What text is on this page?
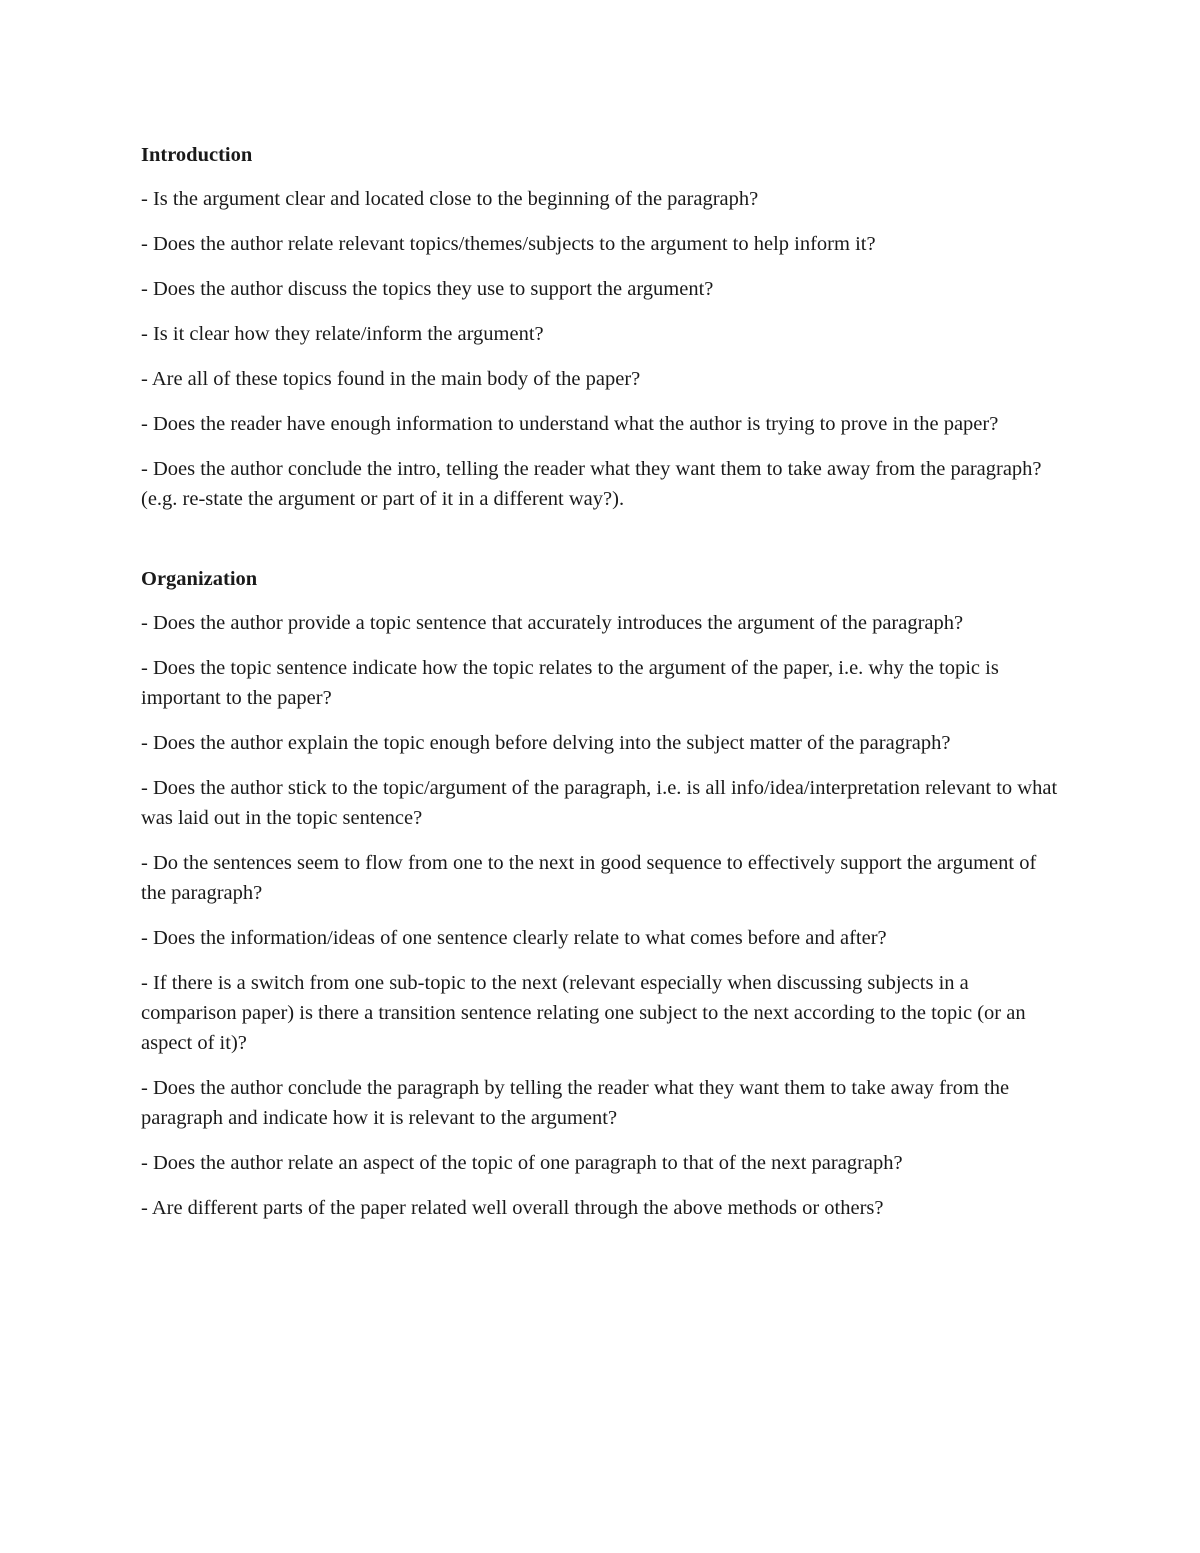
Introduction
- Is the argument clear and located close to the beginning of the paragraph?
- Does the author relate relevant topics/themes/subjects to the argument to help inform it?
- Does the author discuss the topics they use to support the argument?
- Is it clear how they relate/inform the argument?
- Are all of these topics found in the main body of the paper?
- Does the reader have enough information to understand what the author is trying to prove in the paper?
- Does the author conclude the intro, telling the reader what they want them to take away from the paragraph? (e.g. re-state the argument or part of it in a different way?).
Organization
- Does the author provide a topic sentence that accurately introduces the argument of the paragraph?
- Does the topic sentence indicate how the topic relates to the argument of the paper, i.e. why the topic is important to the paper?
- Does the author explain the topic enough before delving into the subject matter of the paragraph?
- Does the author stick to the topic/argument of the paragraph, i.e. is all info/idea/interpretation relevant to what was laid out in the topic sentence?
- Do the sentences seem to flow from one to the next in good sequence to effectively support the argument of the paragraph?
- Does the information/ideas of one sentence clearly relate to what comes before and after?
- If there is a switch from one sub-topic to the next (relevant especially when discussing subjects in a comparison paper) is there a transition sentence relating one subject to the next according to the topic (or an aspect of it)?
- Does the author conclude the paragraph by telling the reader what they want them to take away from the paragraph and indicate how it is relevant to the argument?
- Does the author relate an aspect of the topic of one paragraph to that of the next paragraph?
- Are different parts of the paper related well overall through the above methods or others?
